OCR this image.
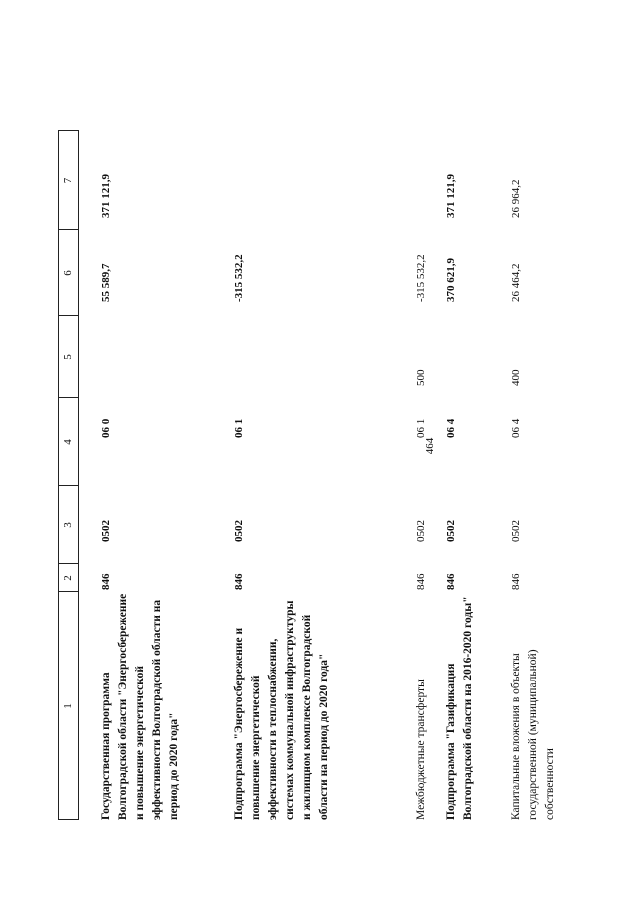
464
1
2
3
4
5
6
7
Государственная программа Волгоградской области "Энергосбережение и повышение энергетической эффективности Волгоградской области на период до 2020 года"
846
0502
06 0
55 589,7
371 121,9
Подпрограмма "Энергосбережение и повышение энергетической эффективности в теплоснабжении, системах коммунальной инфраструктуры и жилищном комплексе Волгоградской области на период до 2020 года"
846
0502
06 1
-315 532,2
Межбюджетные трансферты
846
0502
06 1
500
-315 532,2
Подпрограмма "Газификация Волгоградской области на 2016-2020 годы"
846
0502
06 4
370 621,9
371 121,9
Капитальные вложения в объекты государственной (муниципальной) собственности
846
0502
06 4
400
26 464,2
26 964,2
